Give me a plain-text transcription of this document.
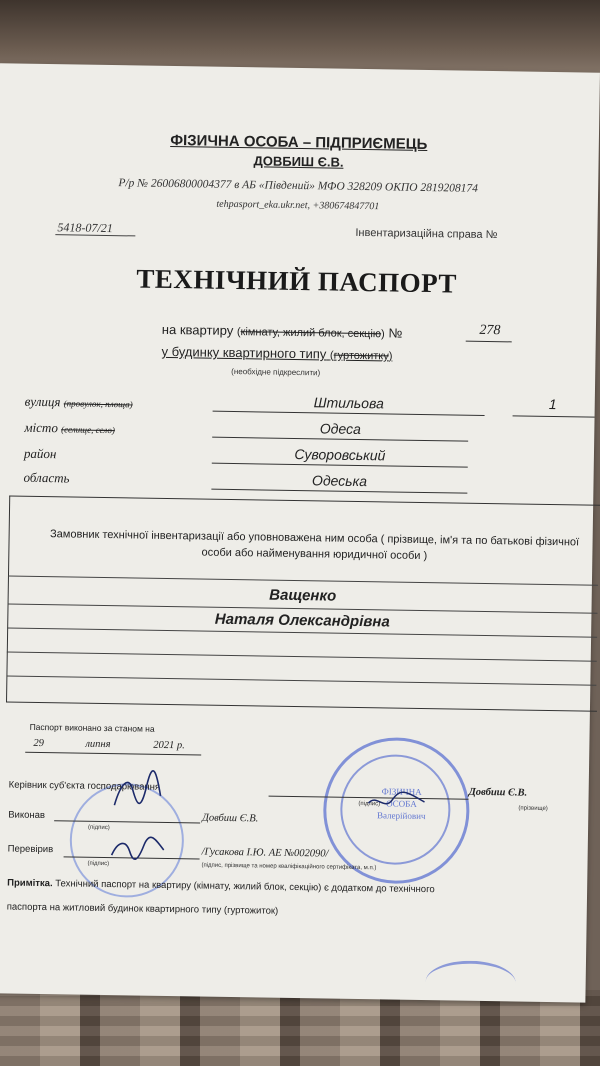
ФІЗИЧНА ОСОБА – ПІДПРИЄМЕЦЬ
ДОВБИШ Є.В.
Р/р № 26006800004377 в АБ «Південий» МФО 328209 ОКПО 2819208174
tehpasport_eka.ukr.net, +380674847701
5418-07/21	Інвентаризаційна справа №
ТЕХНІЧНИЙ ПАСПОРТ
на квартиру (кімнату, жилий блок, секцію) №	278
у будинку квартирного типу (гуртожитку)
(необхідне підкреслити)
вулиця (провулок, площа)	Штильова	1
місто (селище, село)	Одеса
район	Суворовський
область	Одеська
Замовник технічної інвентаризації або уповноважена ним особа ( прізвище, ім'я та по батькові фізичної особи або найменування юридичної особи )
Ващенко
Наталя Олександрівна
Паспорт виконано за станом на
29	липня	2021 р.
ФІЗИЧНА
ОСОБА
Валерійович
Керівник суб'єкта господарювання
(підпис)
Довбиш Є.В.
(прізвище)
Виконав
(підпис)
Довбиш Є.В.
Перевірив
(підпис)
/Гусакова І.Ю. АЕ №002090/
(підпис, прізвище та номер кваліфікаційного сертифіката, м.п.)
Примітка. Технічний паспорт на квартиру (кімнату, жилий блок, секцію) є додатком до технічного
паспорта на житловий будинок квартирного типу (гуртожиток)
